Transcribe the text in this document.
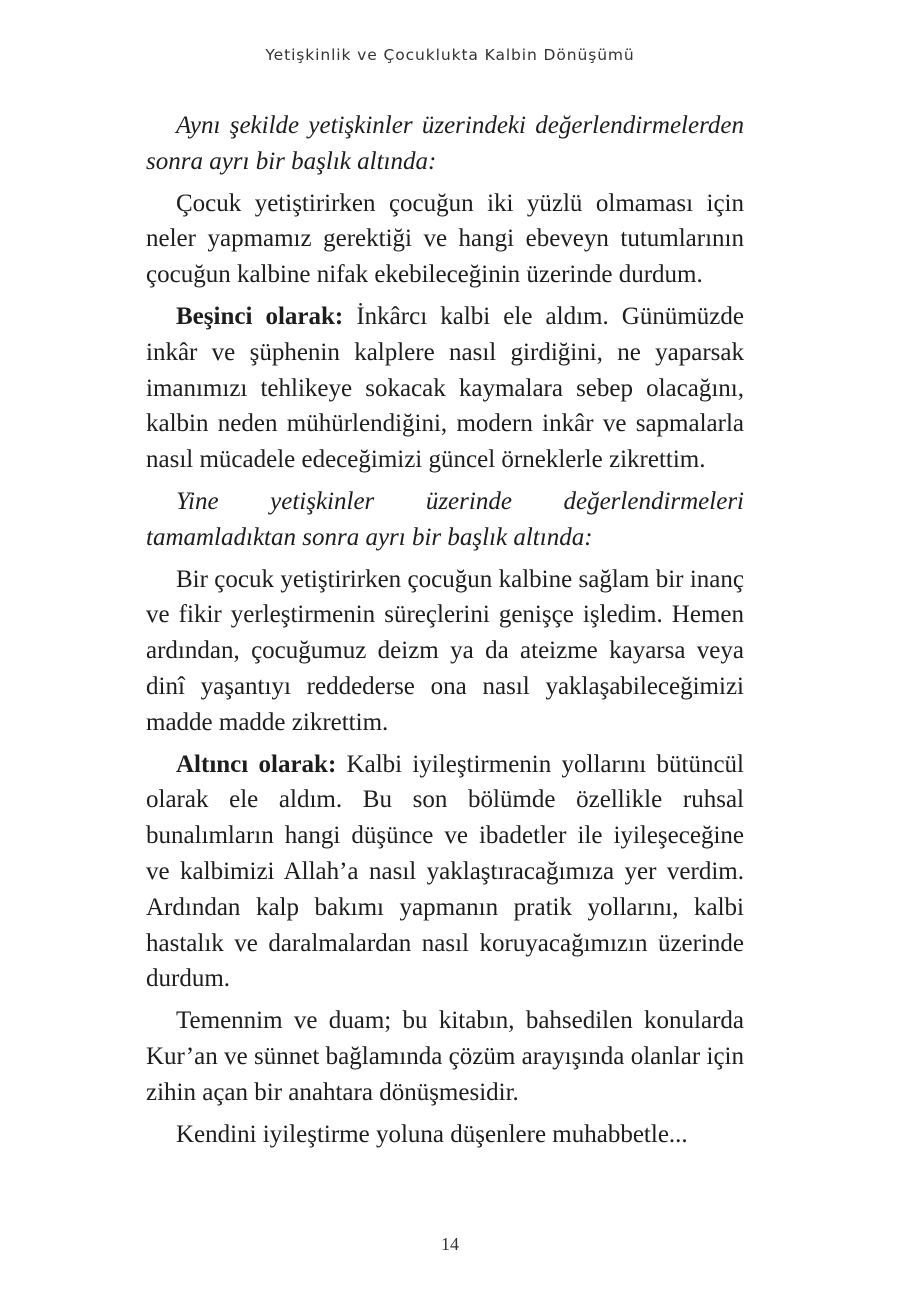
Yetişkinlik ve Çocuklukta Kalbin Dönüşümü

Aynı şekilde yetişkinler üzerindeki değerlendirmelerden sonra ayrı bir başlık altında:

Çocuk yetiştirirken çocuğun iki yüzlü olmaması için neler yapmamız gerektiği ve hangi ebeveyn tutumlarının çocuğun kalbine nifak ekebileceğinin üzerinde durdum.

Beşinci olarak: İnkârcı kalbi ele aldım. Günümüzde inkâr ve şüphenin kalplere nasıl girdiğini, ne yaparsak imanımızı tehlikeye sokacak kaymalara sebep olacağını, kalbin neden mühürlendiğini, modern inkâr ve sapmalarla nasıl mücadele edeceğimizi güncel örneklerle zikrettim.

Yine yetişkinler üzerinde değerlendirmeleri tamamladıktan sonra ayrı bir başlık altında:

Bir çocuk yetiştirirken çocuğun kalbine sağlam bir inanç ve fikir yerleştirmenin süreçlerini genişçe işledim. Hemen ardından, çocuğumuz deizm ya da ateizme kayarsa veya dinî yaşantıyı reddederse ona nasıl yaklaşabileceğimizi madde madde zikrettim.

Altıncı olarak: Kalbi iyileştirmenin yollarını bütüncül olarak ele aldım. Bu son bölümde özellikle ruhsal bunalımların hangi düşünce ve ibadetler ile iyileşeceğine ve kalbimizi Allah’a nasıl yaklaştıracağımıza yer verdim. Ardından kalp bakımı yapmanın pratik yollarını, kalbi hastalık ve daralmalardan nasıl koruyacağımızın üzerinde durdum.

Temennim ve duam; bu kitabın, bahsedilen konularda Kur’an ve sünnet bağlamında çözüm arayışında olanlar için zihin açan bir anahtara dönüşmesidir.

Kendini iyileştirme yoluna düşenlere muhabbetle...

14
